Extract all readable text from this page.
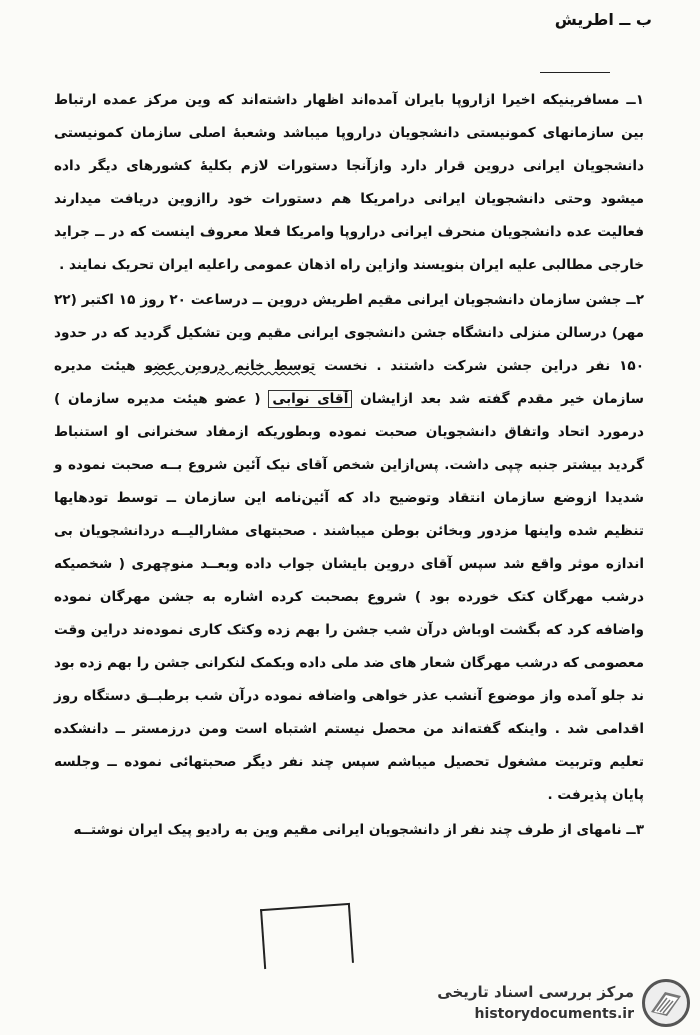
ب ــ اطریش

۱ــ مسافرینیکه اخیرا ازاروپا بایران آمده‌اند اظهار داشته‌اند که وین مرکز عمده ارتباط بین سازمانهای کمونیستی دانشجویان دراروپا میباشد وشعبهٔ اصلی سازمان کمونیستی دانشجویان ایرانی دروین قرار دارد وازآنجا دستورات لازم بکلیهٔ کشورهای دیگر داده میشود وحتی دانشجویان ایرانی درامریکا هم دستورات خود راازوین دریافت میدارند فعالیت عده دانشجویان منحرف ایرانی دراروپا وامریکا فعلا معروف اینست که در ــ جراید خارجی مطالبی علیه ایران بنویسند وازاین راه اذهان عمومی راعلیه ایران تحریک نمایند .

۲ــ جشن سازمان دانشجویان ایرانی مقیم اطریش دروین ــ درساعت ۲۰ روز ۱۵ اکتبر (۲۲ مهر) درسالن منزلی دانشگاه جشن دانشجوی ایرانی مقیم وین تشکیل گردید که در حدود ۱۵۰ نفر دراین جشن شرکت داشتند . نخست توسط خانم دروین عضو هیئت مدیره سازمان خیر مقدم گفته شد بعد ازایشان آقای نوابی ( عضو هیئت مدیره سازمان ) درمورد اتحاد واتفاق دانشجویان صحبت نموده وبطوریکه ازمفاد سخنرانی او استنباط گردید بیشتر جنبه چپی داشت. پس‌ازاین شخص آقای نیک آئین شروع بــه صحبت نموده و شدیدا ازوضع سازمان انتقاد وتوضیح داد که آئین‌نامه این سازمان ــ توسط تودهایها تنظیم شده واینها مزدور وبخائن بوطن میباشند . صحبتهای مشارالیــه دردانشجویان بی اندازه موثر واقع شد سپس آقای دروین بایشان جواب داده وبعــد منوچهری ( شخصیکه درشب مهرگان کتک خورده بود ) شروع بصحبت کرده اشاره به جشن مهرگان نموده واضافه کرد که بگشت اوباش درآن شب جشن را بهم زده وکتک کاری نموده‌ند دراین وقت معصومی که درشب مهرگان شعار های ضد ملی داده وبکمک لنکرانی جشن را بهم زده بود ند جلو آمده واز موضوع آنشب عذر خواهی واضافه نموده درآن شب برطبــق دستگاه روز اقدامی شد . واینکه گفته‌اند من محصل نیستم اشتباه است ومن درزمستر ــ دانشکده تعلیم وتربیت مشغول تحصیل میباشم سپس چند نفر دیگر صحبتهائی نموده ــ وجلسه پایان پذیرفت .

۳ــ نامهای از طرف چند نفر از دانشجویان ایرانی مقیم وین به رادیو پیک ایران نوشتــه

مرکز بررسی اسناد تاریخی
historydocuments.ir
